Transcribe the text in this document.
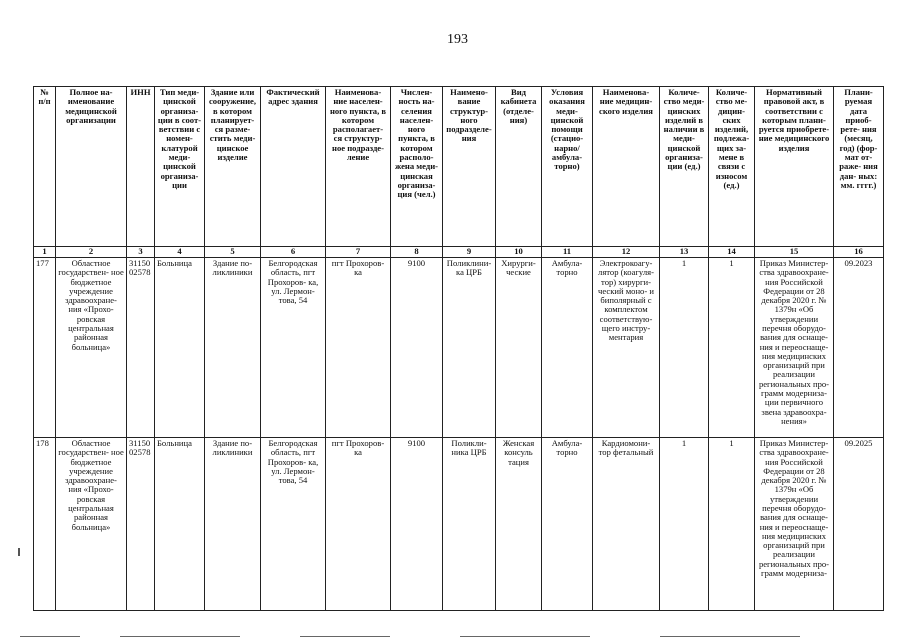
193
№ п/п	Полное на- именование медицинской организации	ИНН	Тип меди- цинской организа- ции в соот- ветствии с номен- клатурой меди- цинской организа- ции	Здание или сооружение, в котором планирует- ся разме- стить меди- цинское изделие	Фактический адрес здания	Наименова- ние населен- ного пункта, в котором располагает- ся структур- ное подразде- ление	Числен- ность на- селения населен- ного пункта, в котором располо- жена меди- цинская организа- ция (чел.)	Наимено- вание структур- ного подразделе- ния	Вид кабинета (отделе- ния)	Условия оказания меди- цинской помощи (стацио- нарно/ амбула- торно)	Наименова- ние медицин- ского изделия	Количе- ство меди- цинских изделий в наличии в меди- цинской организа- ции (ед.)	Количе- ство ме- дицин- ских изделий, подлежа- щих за- мене в связи с износом (ед.)	Нормативный правовой акт, в соответствии с которым плани- руется приобрете- ние медицинского изделия	Плани- руемая дата приоб- рете- ния (месяц, год) (фор- мат от- раже- ния дан- ных: мм. гггг.)
1	2	3	4	5	6	7	8	9	10	11	12	13	14	15	16
177	Областное государствен- ное бюджетное учреждение здравоохране- ния «Прохо- ровская центральная районная больница»	31150 02578	Больница	Здание по- ликлиники	Белгородская область, пгт Прохоров- ка, ул. Лермон- това, 54	пгт Прохоров- ка	9100	Поликлини- ка ЦРБ	Хирурги- ческие	Амбула- торно	Электрокоагу- лятор (коагуля- тор) хирурги- ческий моно- и биполярный с комплектом соответствую- щего инстру- ментария	1	1	Приказ Министер- ства здравоохране- ния Российской Федерации от 28 декабря 2020 г. № 1379н «Об утверждении перечня оборудо- вания для оснаще- ния и переоснаще- ния медицинских организаций при реализации региональных про- грамм модерниза- ции первичного звена здравоохра- нения»	09.2023
178	Областное государствен- ное бюджетное учреждение здравоохране- ния «Прохо- ровская центральная районная больница»	31150 02578	Больница	Здание по- ликлиники	Белгородская область, пгт Прохоров- ка, ул. Лермон- това, 54	пгт Прохоров- ка	9100	Поликли- ника ЦРБ	Женская консуль тация	Амбула- торно	Кардиомони- тор фетальный	1	1	Приказ Министер- ства здравоохране- ния Российской Федерации от 28 декабря 2020 г. № 1379н «Об утверждении перечня оборудо- вания для оснаще- ния и переоснаще- ния медицинских организаций при реализации региональных про- грамм модерниза-	09.2025
